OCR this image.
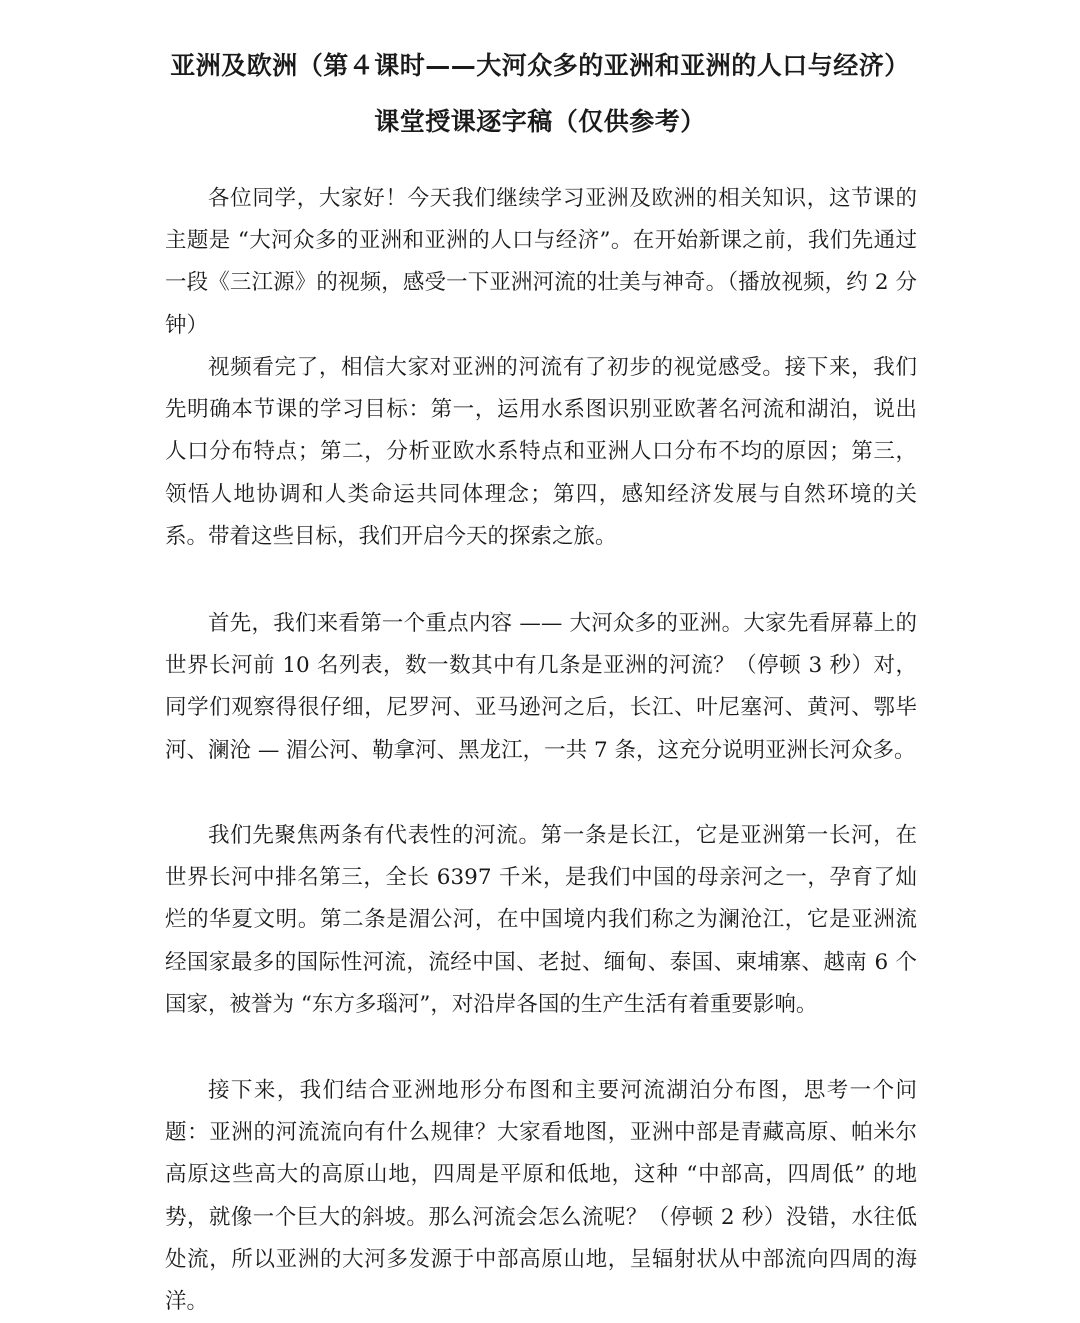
亚洲及欧洲（第４课时——大河众多的亚洲和亚洲的人口与经济）
课堂授课逐字稿（仅供参考）

各位同学，大家好！今天我们继续学习亚洲及欧洲的相关知识，这节课的主题是 “大河众多的亚洲和亚洲的人口与经济”。在开始新课之前，我们先通过一段《三江源》的视频，感受一下亚洲河流的壮美与神奇。（播放视频，约 2 分钟）

视频看完了，相信大家对亚洲的河流有了初步的视觉感受。接下来，我们先明确本节课的学习目标：第一，运用水系图识别亚欧著名河流和湖泊，说出人口分布特点；第二，分析亚欧水系特点和亚洲人口分布不均的原因；第三，领悟人地协调和人类命运共同体理念；第四，感知经济发展与自然环境的关系。带着这些目标，我们开启今天的探索之旅。

首先，我们来看第一个重点内容 —— 大河众多的亚洲。大家先看屏幕上的世界长河前 10 名列表，数一数其中有几条是亚洲的河流？（停顿 3 秒）对，同学们观察得很仔细，尼罗河、亚马逊河之后，长江、叶尼塞河、黄河、鄂毕河、澜沧 — 湄公河、勒拿河、黑龙江，一共 7 条，这充分说明亚洲长河众多。

我们先聚焦两条有代表性的河流。第一条是长江，它是亚洲第一长河，在世界长河中排名第三，全长 6397 千米，是我们中国的母亲河之一，孕育了灿烂的华夏文明。第二条是湄公河，在中国境内我们称之为澜沧江，它是亚洲流经国家最多的国际性河流，流经中国、老挝、缅甸、泰国、柬埔寨、越南 6 个国家，被誉为 “东方多瑙河”，对沿岸各国的生产生活有着重要影响。

接下来，我们结合亚洲地形分布图和主要河流湖泊分布图，思考一个问题：亚洲的河流流向有什么规律？大家看地图，亚洲中部是青藏高原、帕米尔高原这些高大的高原山地，四周是平原和低地，这种 “中部高，四周低” 的地势，就像一个巨大的斜坡。那么河流会怎么流呢？（停顿 2 秒）没错，水往低处流，所以亚洲的大河多发源于中部高原山地，呈辐射状从中部流向四周的海洋。
